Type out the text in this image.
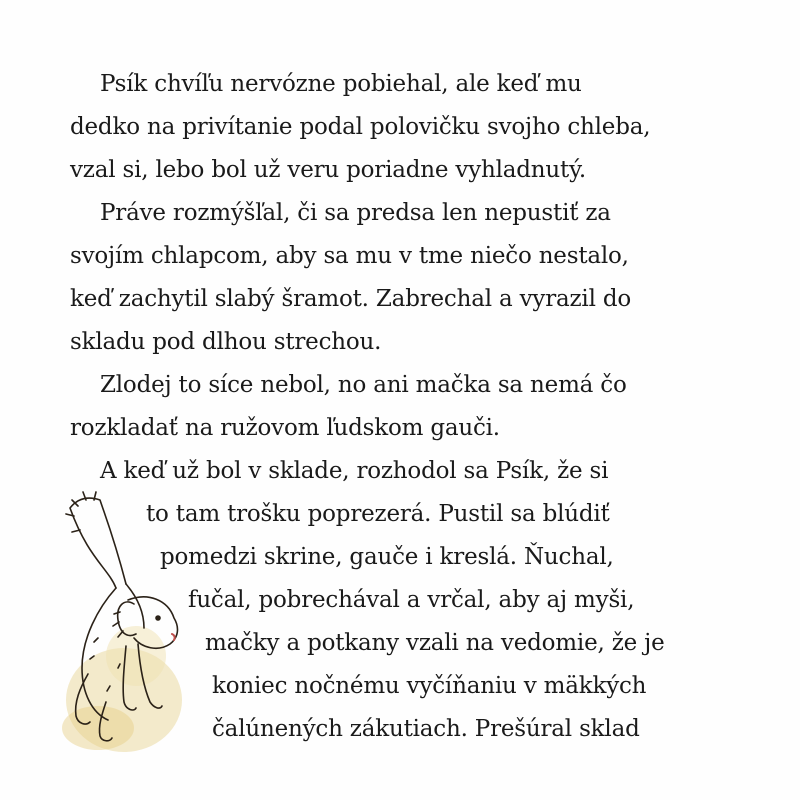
Psík chvíľu nervózne pobiehal, ale keď mu
dedko na privítanie podal polovičku svojho chleba,
vzal si, lebo bol už veru poriadne vyhladnutý.
Práve rozmýšľal, či sa predsa len nepustiť za
svojím chlapcom, aby sa mu v tme niečo nestalo,
keď zachytil slabý šramot. Zabrechal a vyrazil do
skladu pod dlhou strechou.
Zlodej to síce nebol, no ani mačka sa nemá čo
rozkladať na ružovom ľudskom gauči.
A keď už bol v sklade, rozhodol sa Psík, že si
to tam trošku poprezerá. Pustil sa blúdiť
pomedzi skrine, gauče i kreslá. Ňuchal,
fučal, pobrechával a vrčal, aby aj myši,
mačky a potkany vzali na vedomie, že je
koniec nočnému vyčíňaniu v mäkkých
čalúnených zákutiach. Prešúral sklad
